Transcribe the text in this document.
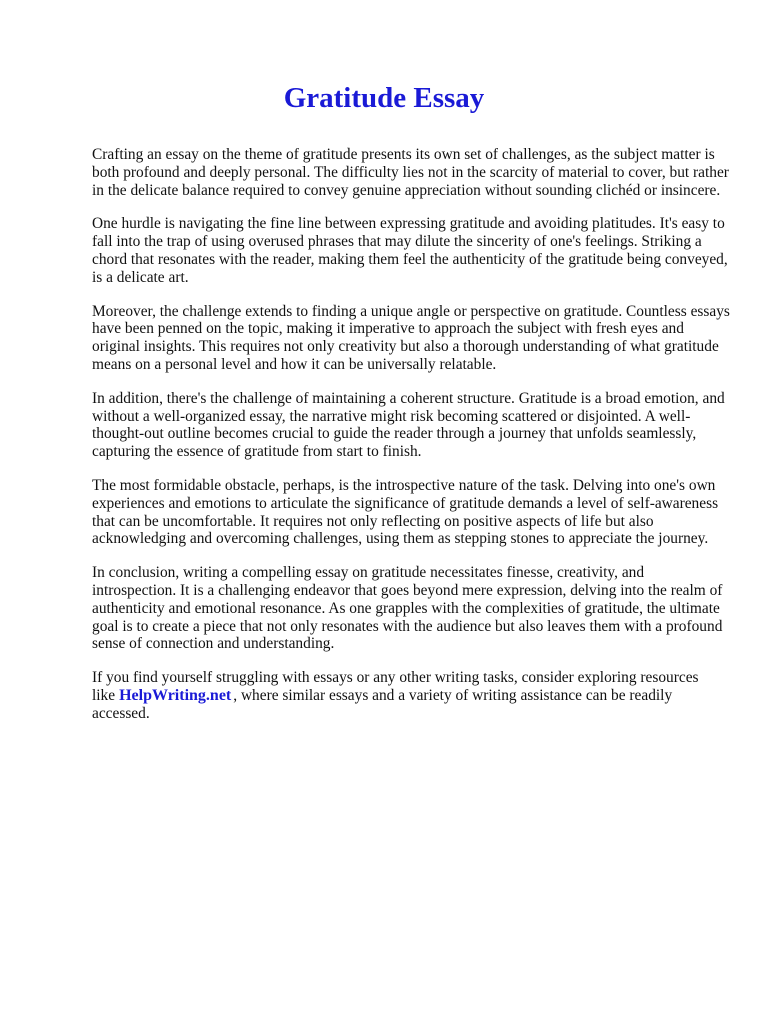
Gratitude Essay

Crafting an essay on the theme of gratitude presents its own set of challenges, as the subject matter is both profound and deeply personal. The difficulty lies not in the scarcity of material to cover, but rather in the delicate balance required to convey genuine appreciation without sounding clichéd or insincere.

One hurdle is navigating the fine line between expressing gratitude and avoiding platitudes. It's easy to fall into the trap of using overused phrases that may dilute the sincerity of one's feelings. Striking a chord that resonates with the reader, making them feel the authenticity of the gratitude being conveyed, is a delicate art.

Moreover, the challenge extends to finding a unique angle or perspective on gratitude. Countless essays have been penned on the topic, making it imperative to approach the subject with fresh eyes and original insights. This requires not only creativity but also a thorough understanding of what gratitude means on a personal level and how it can be universally relatable.

In addition, there's the challenge of maintaining a coherent structure. Gratitude is a broad emotion, and without a well-organized essay, the narrative might risk becoming scattered or disjointed. A well-thought-out outline becomes crucial to guide the reader through a journey that unfolds seamlessly, capturing the essence of gratitude from start to finish.

The most formidable obstacle, perhaps, is the introspective nature of the task. Delving into one's own experiences and emotions to articulate the significance of gratitude demands a level of self-awareness that can be uncomfortable. It requires not only reflecting on positive aspects of life but also acknowledging and overcoming challenges, using them as stepping stones to appreciate the journey.

In conclusion, writing a compelling essay on gratitude necessitates finesse, creativity, and introspection. It is a challenging endeavor that goes beyond mere expression, delving into the realm of authenticity and emotional resonance. As one grapples with the complexities of gratitude, the ultimate goal is to create a piece that not only resonates with the audience but also leaves them with a profound sense of connection and understanding.

If you find yourself struggling with essays or any other writing tasks, consider exploring resources like HelpWriting.net , where similar essays and a variety of writing assistance can be readily accessed.
